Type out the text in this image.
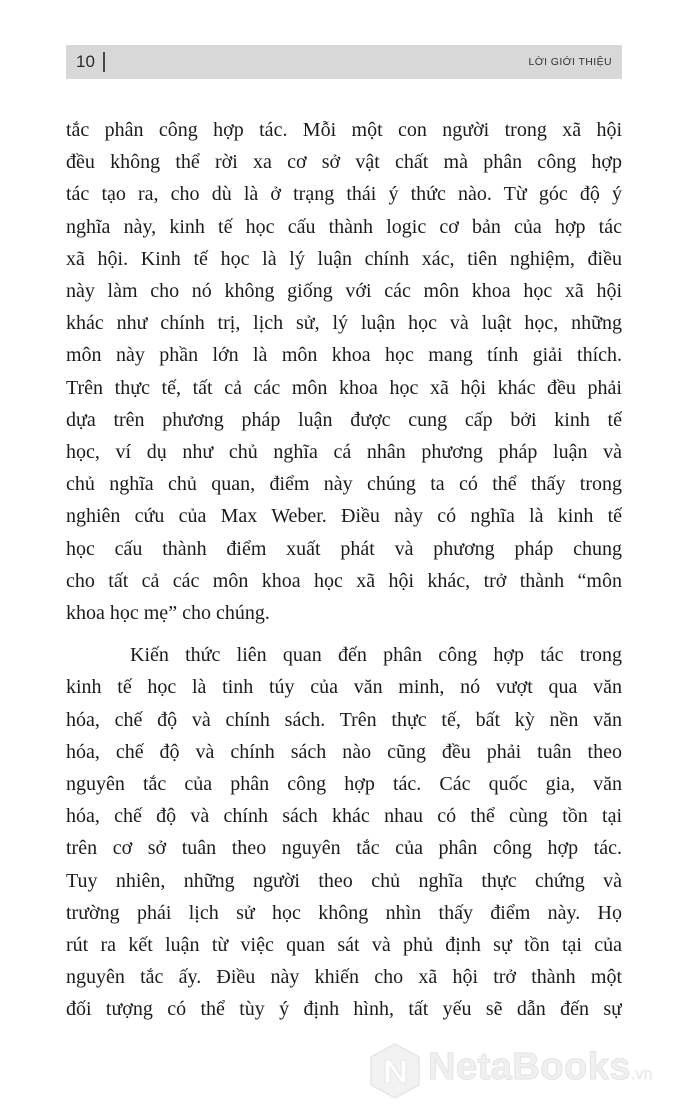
10	LỜI GIỚI THIỆU

tắc phân công hợp tác. Mỗi một con người trong xã hội
đều không thể rời xa cơ sở vật chất mà phân công hợp
tác tạo ra, cho dù là ở trạng thái ý thức nào. Từ góc độ ý
nghĩa này, kinh tế học cấu thành logic cơ bản của hợp tác
xã hội. Kinh tế học là lý luận chính xác, tiên nghiệm, điều
này làm cho nó không giống với các môn khoa học xã hội
khác như chính trị, lịch sử, lý luận học và luật học, những
môn này phần lớn là môn khoa học mang tính giải thích.
Trên thực tế, tất cả các môn khoa học xã hội khác đều phải
dựa trên phương pháp luận được cung cấp bởi kinh tế
học, ví dụ như chủ nghĩa cá nhân phương pháp luận và
chủ nghĩa chủ quan, điểm này chúng ta có thể thấy trong
nghiên cứu của Max Weber. Điều này có nghĩa là kinh tế
học cấu thành điểm xuất phát và phương pháp chung
cho tất cả các môn khoa học xã hội khác, trở thành “môn
khoa học mẹ” cho chúng.

Kiến thức liên quan đến phân công hợp tác trong
kinh tế học là tinh túy của văn minh, nó vượt qua văn
hóa, chế độ và chính sách. Trên thực tế, bất kỳ nền văn
hóa, chế độ và chính sách nào cũng đều phải tuân theo
nguyên tắc của phân công hợp tác. Các quốc gia, văn
hóa, chế độ và chính sách khác nhau có thể cùng tồn tại
trên cơ sở tuân theo nguyên tắc của phân công hợp tác.
Tuy nhiên, những người theo chủ nghĩa thực chứng và
trường phái lịch sử học không nhìn thấy điểm này. Họ
rút ra kết luận từ việc quan sát và phủ định sự tồn tại của
nguyên tắc ấy. Điều này khiến cho xã hội trở thành một
đối tượng có thể tùy ý định hình, tất yếu sẽ dẫn đến sự

NetaBooks.vn
